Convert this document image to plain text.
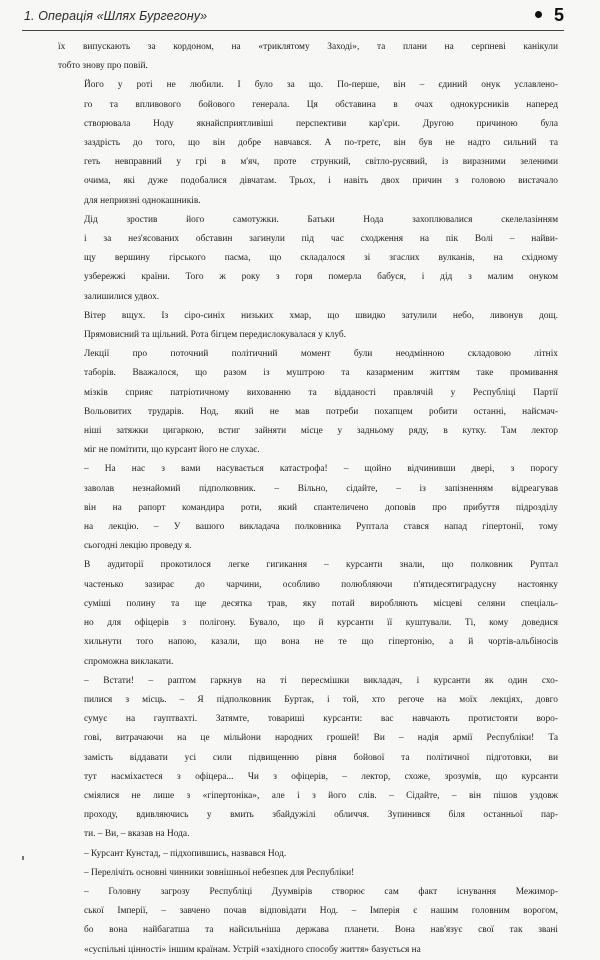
1. Операція «Шлях Бургегону»	5

їх випускають за кордоном, на «триклятому Заході», та плани на серпневі канікули
тобто знову про повій.

Його у роті не любили. І було за що. По-перше, він – єдиний онук уславлено-
го та впливового бойового генерала. Ця обставина в очах однокурсників наперед
створювала Ноду якнайсприятливіші перспективи кар'єри. Другою причиною була
заздрість до того, що він добре навчався. А по-третє, він був не надто сильний та
геть невправний у грі в м'яч, проте стрункий, світло-русявий, із виразними зеленими
очима, які дуже подобалися дівчатам. Трьох, і навіть двох причин з головою вистачало
для неприязні однокашників.

Дід зростив його самотужки. Батьки Нода захоплювалися скелелазінням
і за нез'ясованих обставин загинули під час сходження на пік Волі – найви-
щу вершину гірського пасма, що складалося зі згаслих вулканів, на східному
узбережжі країни. Того ж року з горя померла бабуся, і дід з малим онуком
залишилися удвох.

Вітер вщух. Із сіро-синіх низьких хмар, що швидко затулили небо, ливонув дощ.
Прямовисний та щільний. Рота бігцем передислокувалася у клуб.

Лекції про поточний політичний момент були неодмінною складовою літніх
таборів. Вважалося, що разом із муштрою та казарменим життям таке промивання
мізків сприяє патріотичному вихованню та відданості правлячій у Республіці Партії
Вольовитих трударів. Нод, який не мав потреби похапцем робити останні, найсмач-
ніші затяжки цигаркою, встиг зайняти місце у задньому ряду, в кутку. Там лектор
міг не помітити, що курсант його не слухає.

– На нас з вами насувається катастрофа! – щойно відчинивши двері, з порогу
заволав незнайомий підполковник. – Вільно, сідайте, – із запізненням відреагував
він на рапорт командира роти, який спантеличено доповів про прибуття підрозділу
на лекцію. – У вашого викладача полковника Руптала стався напад гіпертонії, тому
сьогодні лекцію проведу я.

В аудиторії прокотилося легке гигикання – курсанти знали, що полковник Руптал
частенько зазирає до чарчини, особливо полюбляючи п'ятидесятиградусну настоянку
суміші полину та ще десятка трав, яку потай виробляють місцеві селяни спеціаль-
но для офіцерів з полігону. Бувало, що й курсанти її куштували. Ті, кому доведися
хильнути того напою, казали, що вона не те що гіпертонію, а й чортів-альбіносів
спроможна виклакати.

– Встати! – раптом гаркнув на ті пересмішки викладач, і курсанти як один схо-
пилися з місць. – Я підполковник Буртак, і той, хто регоче на моїх лекціях, довго
сумує на гауптвахті. Затямте, товариші курсанти: вас навчають протистояти воро-
гові, витрачаючи на це мільйони народних грошей! Ви – надія армії Республіки! Та
замість віддавати усі сили підвищенню рівня бойової та політичної підготовки, ви
тут насміхаєтеся з офіцера... Чи з офіцерів, – лектор, схоже, зрозумів, що курсанти
сміялися не лише з «гіпертоніка», але і з його слів. – Сідайте, – він пішов уздовж
проходу, вдивляючись у вмить збайдужілі обличчя. Зупинився біля останньої пар-
ти. – Ви, – вказав на Нода.

– Курсант Кунстад, – підхопившись, назвався Нод.

– Перелічіть основні чинники зовнішньої небезпек для Республіки!

– Головну загрозу Республіці Дуумвірів створює сам факт існування Межимор-
ської Імперії, – завчено почав відповідати Нод. – Імперія є нашим головним ворогом,
бо вона найбагатша та найсильніша держава планети. Вона нав'язує свої так звані
«суспільні цінності» іншим країнам. Устрій «західного способу життя» базується на
